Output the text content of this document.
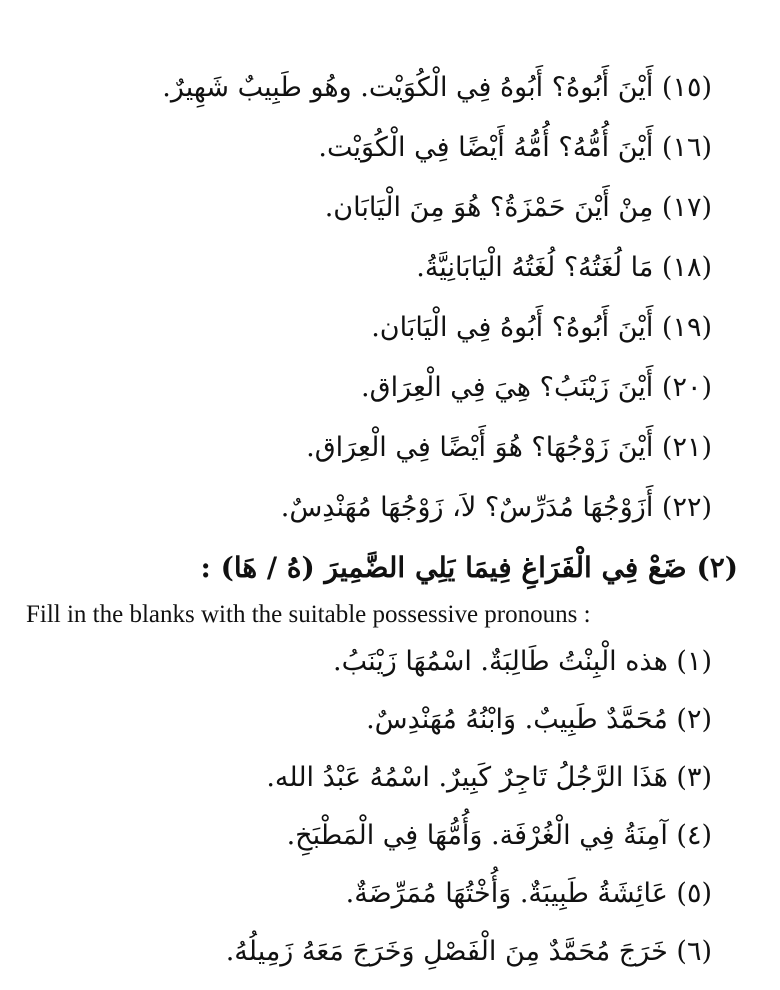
(١٥) أَيْنَ أَبُوهُ؟ أَبُوهُ فِي الْكُوَيْت. وهُو طَبِيبٌ شَهِيرٌ.
(١٦) أَيْنَ أُمُّهُ؟ أُمُّهُ أَيْضًا فِي الْكُوَيْت.
(١٧) مِنْ أَيْنَ حَمْزَةُ؟ هُوَ مِنَ الْيَابَان.
(١٨) مَا لُغَتُهُ؟ لُغَتُهُ الْيَابَانِيَّةُ.
(١٩) أَيْنَ أَبُوهُ؟ أَبُوهُ فِي الْيَابَان.
(٢٠) أَيْنَ زَيْنَبُ؟ هِيَ فِي الْعِرَاق.
(٢١) أَيْنَ زَوْجُهَا؟ هُوَ أَيْضًا فِي الْعِرَاق.
(٢٢) أَزَوْجُهَا مُدَرِّسٌ؟ لاَ، زَوْجُهَا مُهَنْدِسٌ.
(٢) ضَعْ فِي الْفَرَاغِ فِيمَا يَلِي الضَّمِيرَ (هُ / هَا) :
Fill in the blanks with the suitable possessive pronouns :
(١) هذه الْبِنْتُ طَالِبَةٌ. اسْمُهَا زَيْنَبُ.
(٢) مُحَمَّدٌ طَبِيبٌ. وَابْنُهُ مُهَنْدِسٌ.
(٣) هَذَا الرَّجُلُ تَاجِرٌ كَبِيرٌ. اسْمُهُ عَبْدُ الله.
(٤) آمِنَةُ فِي الْغُرْفَة. وَأُمُّهَا فِي الْمَطْبَخِ.
(٥) عَائِشَةُ طَبِيبَةٌ. وَأُخْتُهَا مُمَرِّضَةٌ.
(٦) خَرَجَ مُحَمَّدٌ مِنَ الْفَصْلِ وَخَرَجَ مَعَهُ زَمِيلُهُ.
